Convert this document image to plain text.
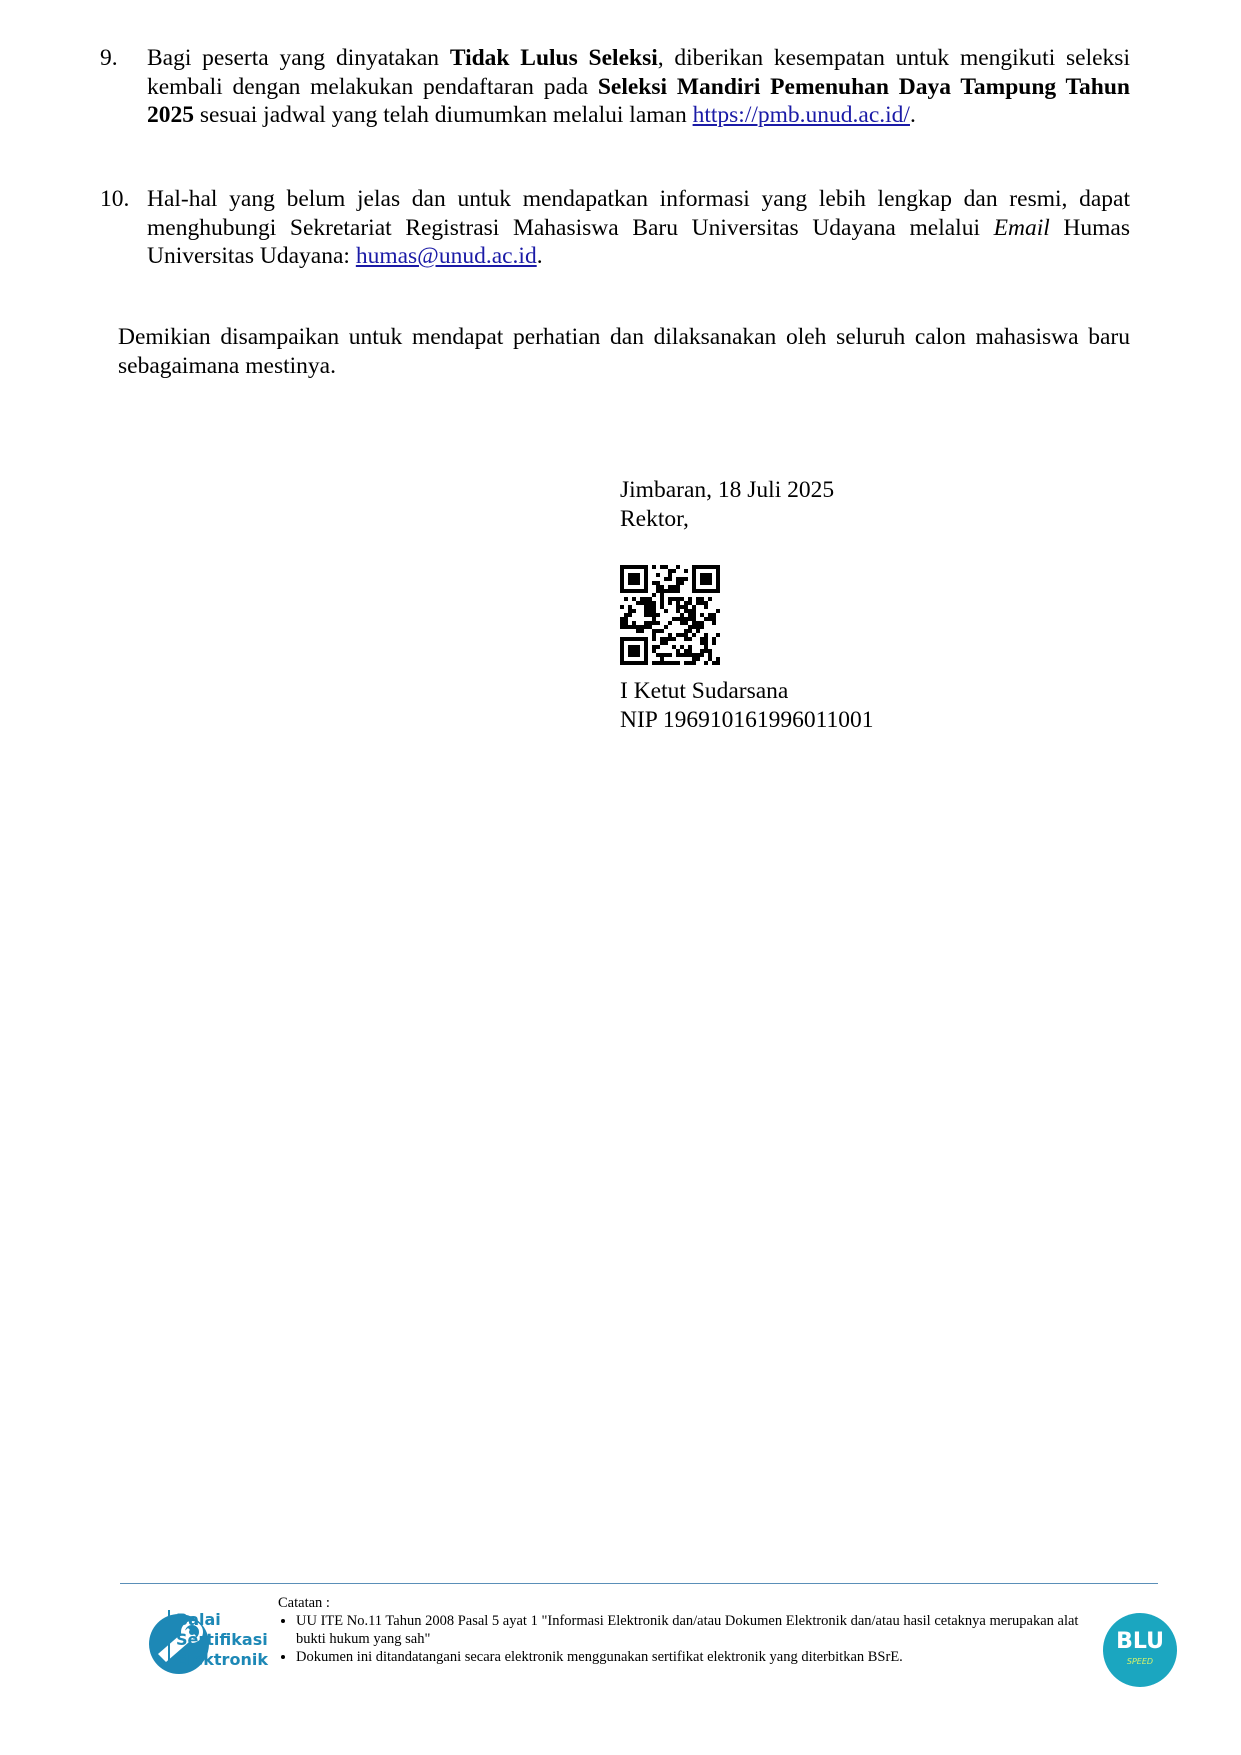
9. Bagi peserta yang dinyatakan Tidak Lulus Seleksi, diberikan kesempatan untuk mengikuti seleksi kembali dengan melakukan pendaftaran pada Seleksi Mandiri Pemenuhan Daya Tampung Tahun 2025 sesuai jadwal yang telah diumumkan melalui laman https://pmb.unud.ac.id/.
10. Hal-hal yang belum jelas dan untuk mendapatkan informasi yang lebih lengkap dan resmi, dapat menghubungi Sekretariat Registrasi Mahasiswa Baru Universitas Udayana melalui Email Humas Universitas Udayana: humas@unud.ac.id.
Demikian disampaikan untuk mendapat perhatian dan dilaksanakan oleh seluruh calon mahasiswa baru sebagaimana mestinya.
Jimbaran, 18 Juli 2025
Rektor,
I Ketut Sudarsana
NIP 196910161996011001
Balai
Sertifikasi
Elektronik
Catatan :
• UU ITE No.11 Tahun 2008 Pasal 5 ayat 1 "Informasi Elektronik dan/atau Dokumen Elektronik dan/atau hasil cetaknya merupakan alat bukti hukum yang sah"
• Dokumen ini ditandatangani secara elektronik menggunakan sertifikat elektronik yang diterbitkan BSrE.
BLU
SPEED
